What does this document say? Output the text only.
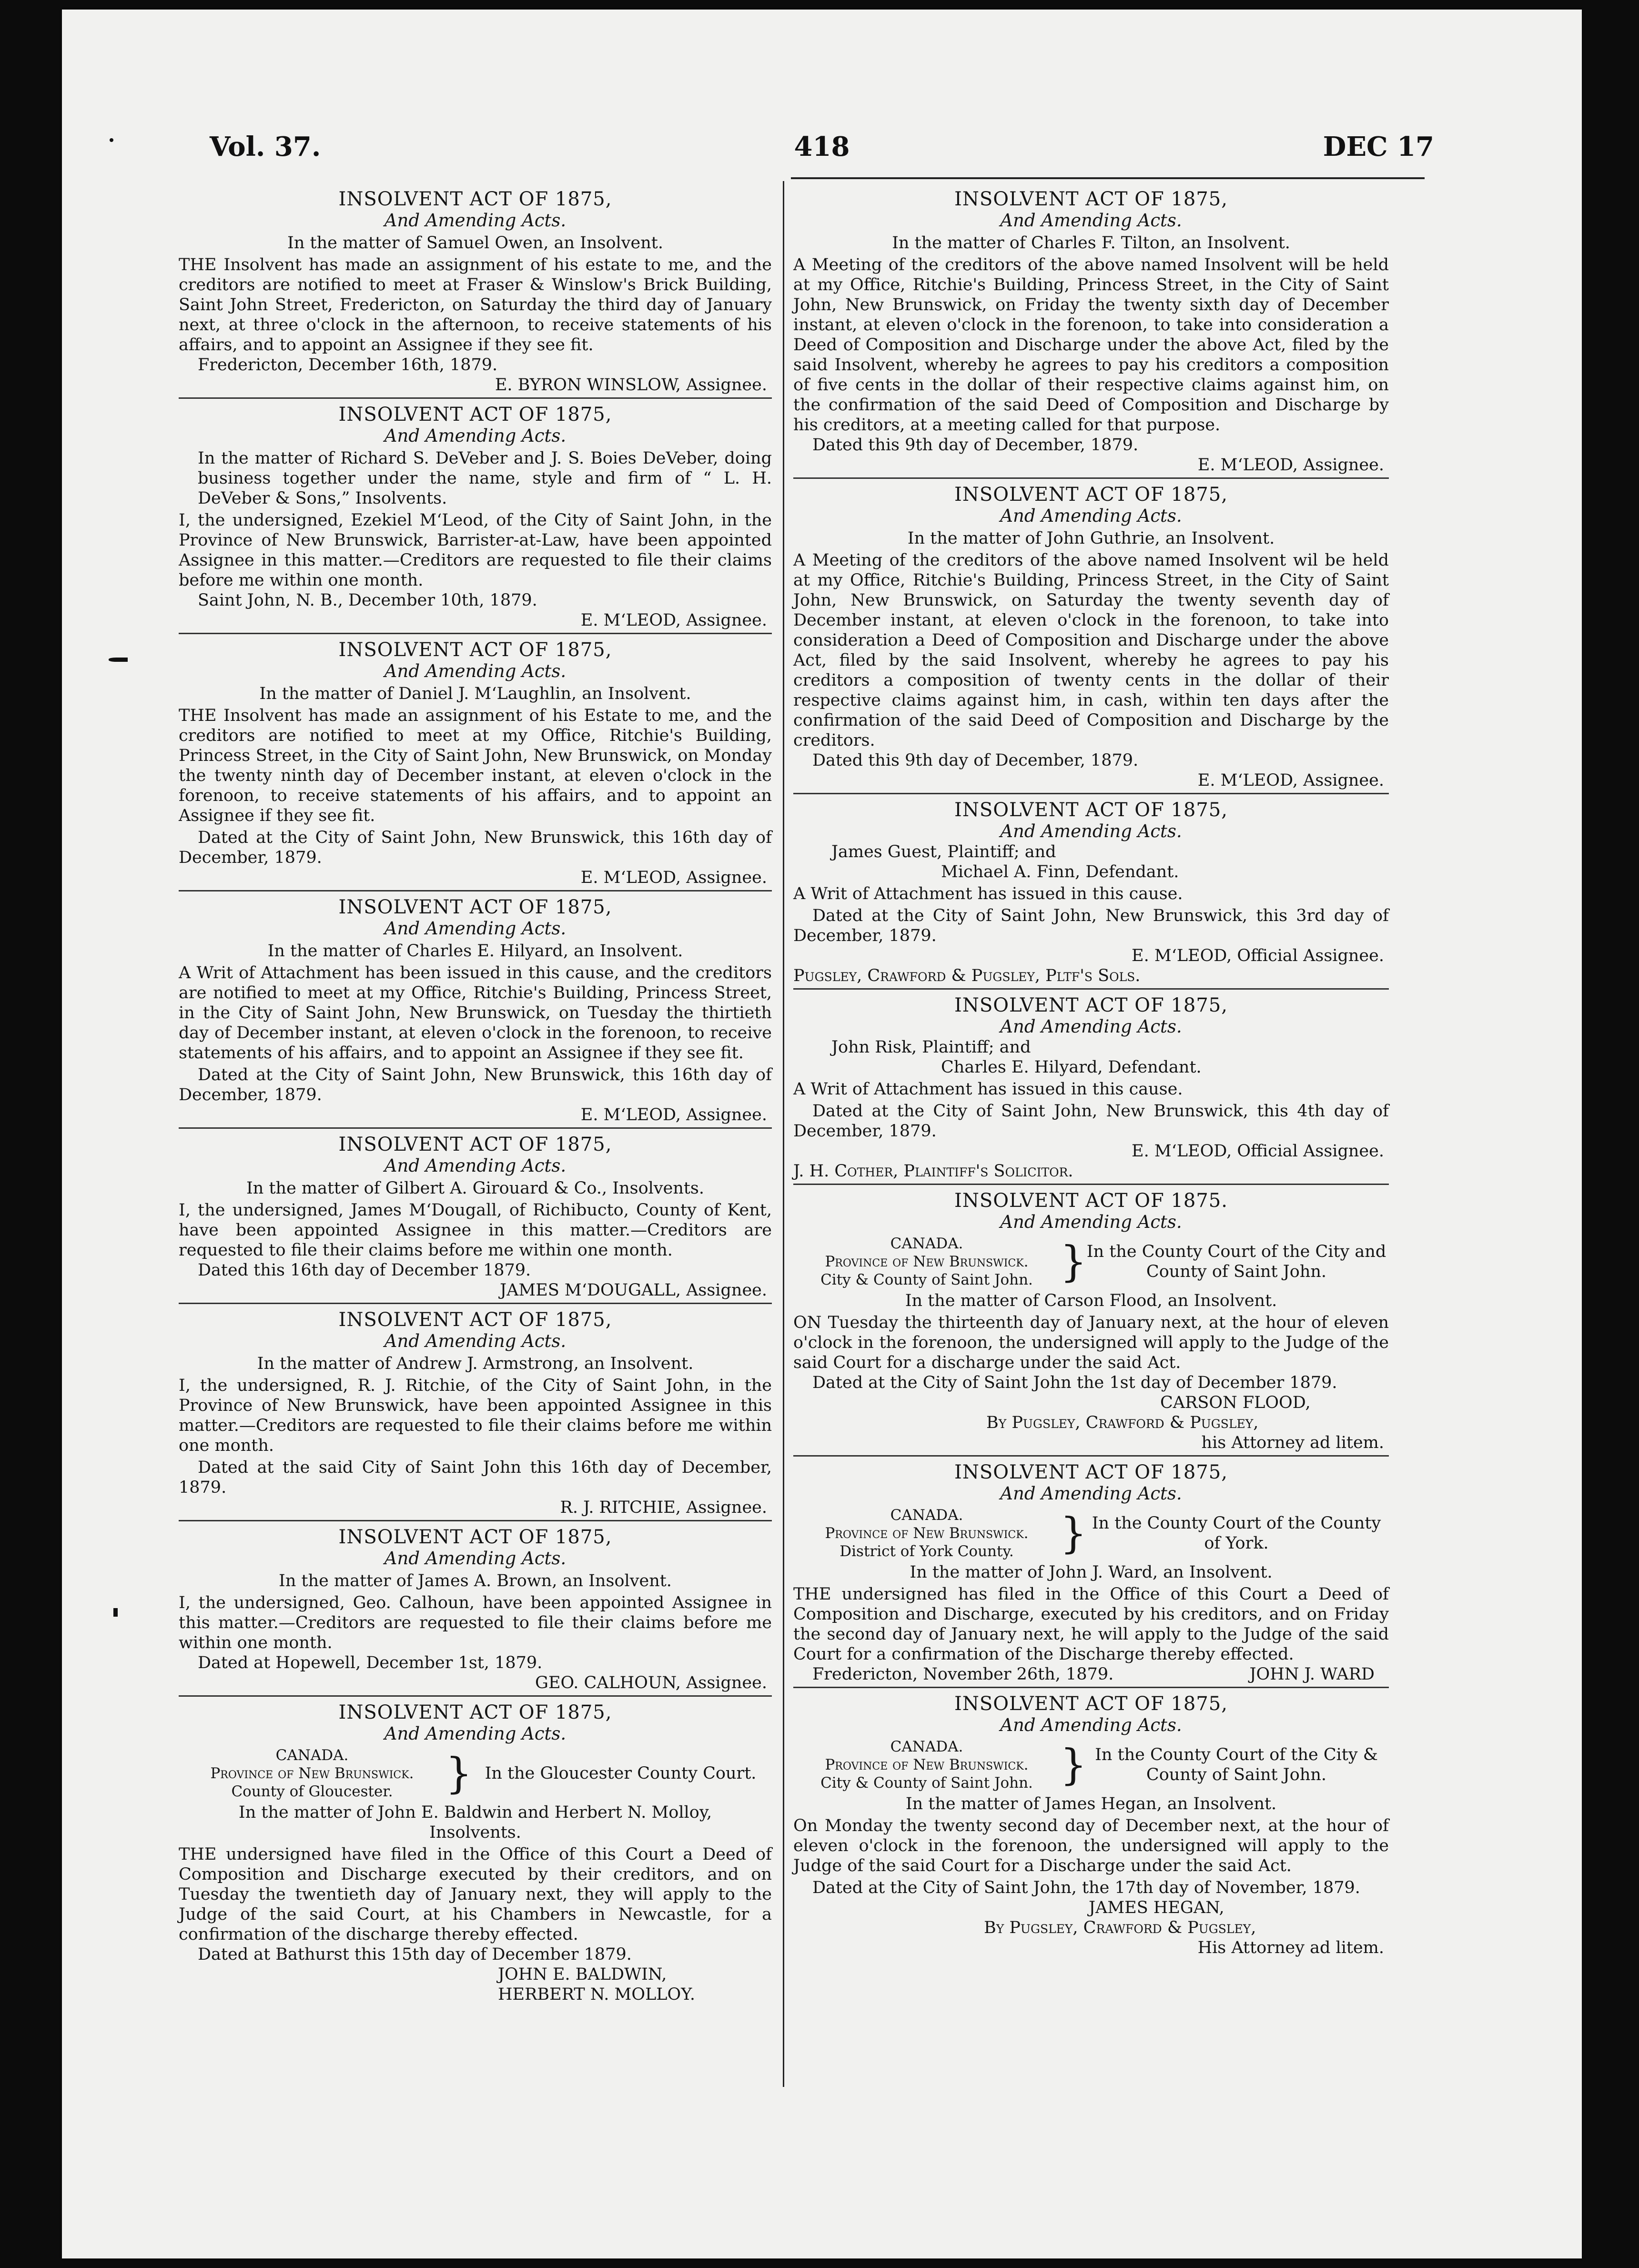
Vol. 37.	418	DEC 17
INSOLVENT ACT OF 1875,
And Amending Acts.
In the matter of Samuel Owen, an Insolvent.
THE Insolvent has made an assignment of his estate to me, and the creditors are notified to meet at Fraser & Winslow's Brick Building, Saint John Street, Fredericton, on Saturday the third day of January next, at three o'clock in the afternoon, to receive statements of his affairs, and to appoint an Assignee if they see fit.
Fredericton, December 16th, 1879.
E. BYRON WINSLOW, Assignee.
INSOLVENT ACT OF 1875,
And Amending Acts.
In the matter of Richard S. DeVeber and J. S. Boies DeVeber, doing business together under the name, style and firm of “ L. H. DeVeber & Sons,” Insolvents.
I, the undersigned, Ezekiel M‘Leod, of the City of Saint John, in the Province of New Brunswick, Barrister-at-Law, have been appointed Assignee in this matter.—Creditors are requested to file their claims before me within one month.
Saint John, N. B., December 10th, 1879.
E. M‘LEOD, Assignee.
INSOLVENT ACT OF 1875,
And Amending Acts.
In the matter of Daniel J. M‘Laughlin, an Insolvent.
THE Insolvent has made an assignment of his Estate to me, and the creditors are notified to meet at my Office, Ritchie's Building, Princess Street, in the City of Saint John, New Brunswick, on Monday the twenty ninth day of December instant, at eleven o'clock in the forenoon, to receive statements of his affairs, and to appoint an Assignee if they see fit.
Dated at the City of Saint John, New Brunswick, this 16th day of December, 1879.
E. M‘LEOD, Assignee.
INSOLVENT ACT OF 1875,
And Amending Acts.
In the matter of Charles E. Hilyard, an Insolvent.
A Writ of Attachment has been issued in this cause, and the creditors are notified to meet at my Office, Ritchie's Building, Princess Street, in the City of Saint John, New Brunswick, on Tuesday the thirtieth day of December instant, at eleven o'clock in the forenoon, to receive statements of his affairs, and to appoint an Assignee if they see fit.
Dated at the City of Saint John, New Brunswick, this 16th day of December, 1879.
E. M‘LEOD, Assignee.
INSOLVENT ACT OF 1875,
And Amending Acts.
In the matter of Gilbert A. Girouard & Co., Insolvents.
I, the undersigned, James M‘Dougall, of Richibucto, County of Kent, have been appointed Assignee in this matter.—Creditors are requested to file their claims before me within one month.
Dated this 16th day of December 1879.
JAMES M‘DOUGALL, Assignee.
INSOLVENT ACT OF 1875,
And Amending Acts.
In the matter of Andrew J. Armstrong, an Insolvent.
I, the undersigned, R. J. Ritchie, of the City of Saint John, in the Province of New Brunswick, have been appointed Assignee in this matter.—Creditors are requested to file their claims before me within one month.
Dated at the said City of Saint John this 16th day of December, 1879.
R. J. RITCHIE, Assignee.
INSOLVENT ACT OF 1875,
And Amending Acts.
In the matter of James A. Brown, an Insolvent.
I, the undersigned, Geo. Calhoun, have been appointed Assignee in this matter.—Creditors are requested to file their claims before me within one month.
Dated at Hopewell, December 1st, 1879.
GEO. CALHOUN, Assignee.
INSOLVENT ACT OF 1875,
And Amending Acts.
CANADA.
Province of New Brunswick.
County of Gloucester.	} In the Gloucester County Court.
In the matter of John E. Baldwin and Herbert N. Molloy, Insolvents.
THE undersigned have filed in the Office of this Court a Deed of Composition and Discharge executed by their creditors, and on Tuesday the twentieth day of January next, they will apply to the Judge of the said Court, at his Chambers in Newcastle, for a confirmation of the discharge thereby effected.
Dated at Bathurst this 15th day of December 1879.
JOHN E. BALDWIN,
HERBERT N. MOLLOY.
INSOLVENT ACT OF 1875,
And Amending Acts.
In the matter of Charles F. Tilton, an Insolvent.
A Meeting of the creditors of the above named Insolvent will be held at my Office, Ritchie's Building, Princess Street, in the City of Saint John, New Brunswick, on Friday the twenty sixth day of December instant, at eleven o'clock in the forenoon, to take into consideration a Deed of Composition and Discharge under the above Act, filed by the said Insolvent, whereby he agrees to pay his creditors a composition of five cents in the dollar of their respective claims against him, on the confirmation of the said Deed of Composition and Discharge by his creditors, at a meeting called for that purpose.
Dated this 9th day of December, 1879.
E. M‘LEOD, Assignee.
INSOLVENT ACT OF 1875,
And Amending Acts.
In the matter of John Guthrie, an Insolvent.
A Meeting of the creditors of the above named Insolvent wil be held at my Office, Ritchie's Building, Princess Street, in the City of Saint John, New Brunswick, on Saturday the twenty seventh day of December instant, at eleven o'clock in the forenoon, to take into consideration a Deed of Composition and Discharge under the above Act, filed by the said Insolvent, whereby he agrees to pay his creditors a composition of twenty cents in the dollar of their respective claims against him, in cash, within ten days after the confirmation of the said Deed of Composition and Discharge by the creditors.
Dated this 9th day of December, 1879.
E. M‘LEOD, Assignee.
INSOLVENT ACT OF 1875,
And Amending Acts.
James Guest, Plaintiff; and
Michael A. Finn, Defendant.
A Writ of Attachment has issued in this cause.
Dated at the City of Saint John, New Brunswick, this 3rd day of December, 1879.
E. M‘LEOD, Official Assignee.
Pugsley, Crawford & Pugsley, Pltf's Sols.
INSOLVENT ACT OF 1875,
And Amending Acts.
John Risk, Plaintiff; and
Charles E. Hilyard, Defendant.
A Writ of Attachment has issued in this cause.
Dated at the City of Saint John, New Brunswick, this 4th day of December, 1879.
E. M‘LEOD, Official Assignee.
J. H. Cother, Plaintiff's Solicitor.
INSOLVENT ACT OF 1875.
And Amending Acts.
CANADA.
Province of New Brunswick.
City & County of Saint John. } In the County Court of the City and County of Saint John.
In the matter of Carson Flood, an Insolvent.
ON Tuesday the thirteenth day of January next, at the hour of eleven o'clock in the forenoon, the undersigned will apply to the Judge of the said Court for a discharge under the said Act.
Dated at the City of Saint John the 1st day of December 1879.
CARSON FLOOD,
By Pugsley, Crawford & Pugsley,
his Attorney ad litem.
INSOLVENT ACT OF 1875,
And Amending Acts.
CANADA.
Province of New Brunswick.
District of York County.	} In the County Court of the County of York.
In the matter of John J. Ward, an Insolvent.
THE undersigned has filed in the Office of this Court a Deed of Composition and Discharge, executed by his creditors, and on Friday the second day of January next, he will apply to the Judge of the said Court for a confirmation of the Discharge thereby effected.
Fredericton, November 26th, 1879.	JOHN J. WARD
INSOLVENT ACT OF 1875,
And Amending Acts.
CANADA.
Province of New Brunswick.
City & County of Saint John. } In the County Court of the City & County of Saint John.
In the matter of James Hegan, an Insolvent.
On Monday the twenty second day of December next, at the hour of eleven o'clock in the forenoon, the undersigned will apply to the Judge of the said Court for a Discharge under the said Act.
Dated at the City of Saint John, the 17th day of November, 1879.
JAMES HEGAN,
By Pugsley, Crawford & Pugsley,
His Attorney ad litem.
